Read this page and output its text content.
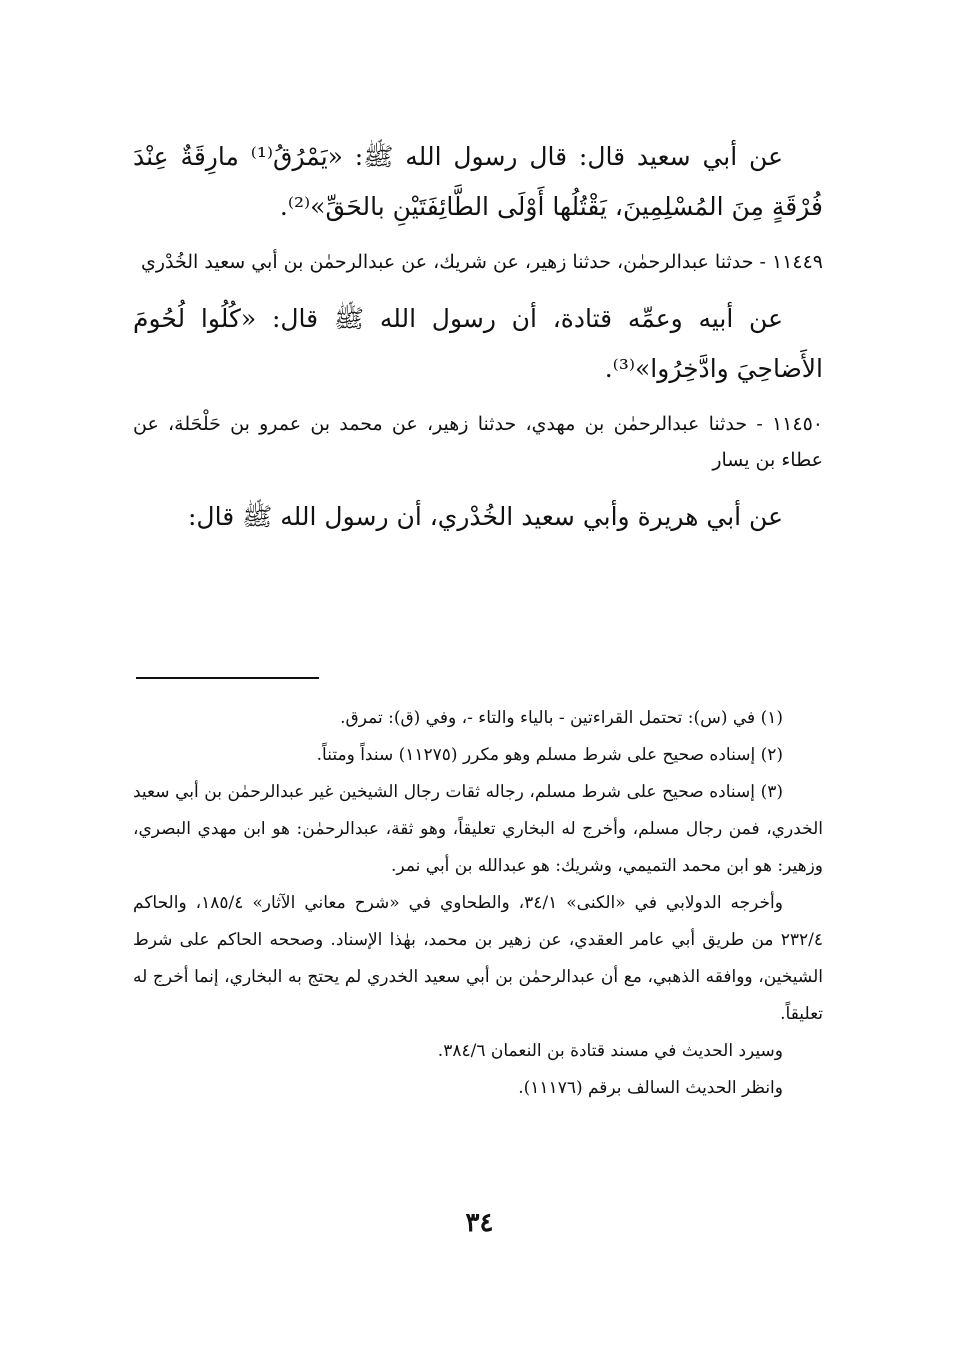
عن أبي سعيد قال: قال رسول الله ﷺ: «يَمْرُقُ⁽¹⁾ مارِقَةٌ عِنْدَ فُرْقَةٍ مِنَ المُسْلِمِينَ، يَقْتُلُها أَوْلَى الطَّائِفَتَيْنِ بالحَقِّ»⁽²⁾.

١١٤٤٩ - حدثنا عبدالرحمٰن، حدثنا زهير، عن شريك، عن عبدالرحمٰن بن أبي سعيد الخُدْري

عن أبيه وعمِّه قتادة، أن رسول الله ﷺ قال: «كُلُوا لُحُومَ الأَضاحِيَ وادَّخِرُوا»⁽³⁾.

١١٤٥٠ - حدثنا عبدالرحمٰن بن مهدي، حدثنا زهير، عن محمد بن عمرو بن حَلْحَلة، عن عطاء بن يسار

عن أبي هريرة وأبي سعيد الخُدْري، أن رسول الله ﷺ قال:

(١) في (س): تحتمل القراءتين - بالياء والتاء -، وفي (ق): تمرق.

(٢) إسناده صحيح على شرط مسلم وهو مكرر (١١٢٧٥) سنداً ومتناً.

(٣) إسناده صحيح على شرط مسلم، رجاله ثقات رجال الشيخين غير عبدالرحمٰن بن أبي سعيد الخدري، فمن رجال مسلم، وأخرج له البخاري تعليقاً، وهو ثقة، عبدالرحمٰن: هو ابن مهدي البصري، وزهير: هو ابن محمد التميمي، وشريك: هو عبدالله بن أبي نمر.

وأخرجه الدولابي في «الكنى» ٣٤/١، والطحاوي في «شرح معاني الآثار» ١٨٥/٤، والحاكم ٢٣٢/٤ من طريق أبي عامر العقدي، عن زهير بن محمد، بهٰذا الإسناد. وصححه الحاكم على شرط الشيخين، ووافقه الذهبي، مع أن عبدالرحمٰن بن أبي سعيد الخدري لم يحتج به البخاري، إنما أخرج له تعليقاً.

وسيرد الحديث في مسند قتادة بن النعمان ٣٨٤/٦.

وانظر الحديث السالف برقم (١١١٧٦).

٣٤
